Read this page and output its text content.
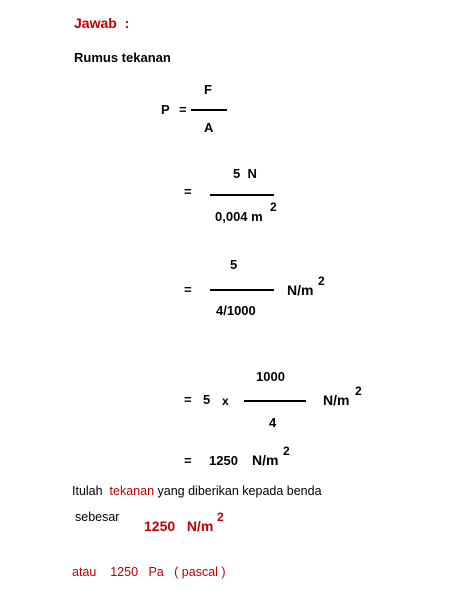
Jawab  :
Rumus tekanan
P =
F
A
5  N
=
0,004 m
2
5
=
4/1000
N/m
2
1000
= 5 x
4
N/m
2
= 1250 N/m
2
Itulah tekanan yang diberikan kepada benda
sebesar
1250   N/m
2
atau    1250   Pa   ( pascal )
